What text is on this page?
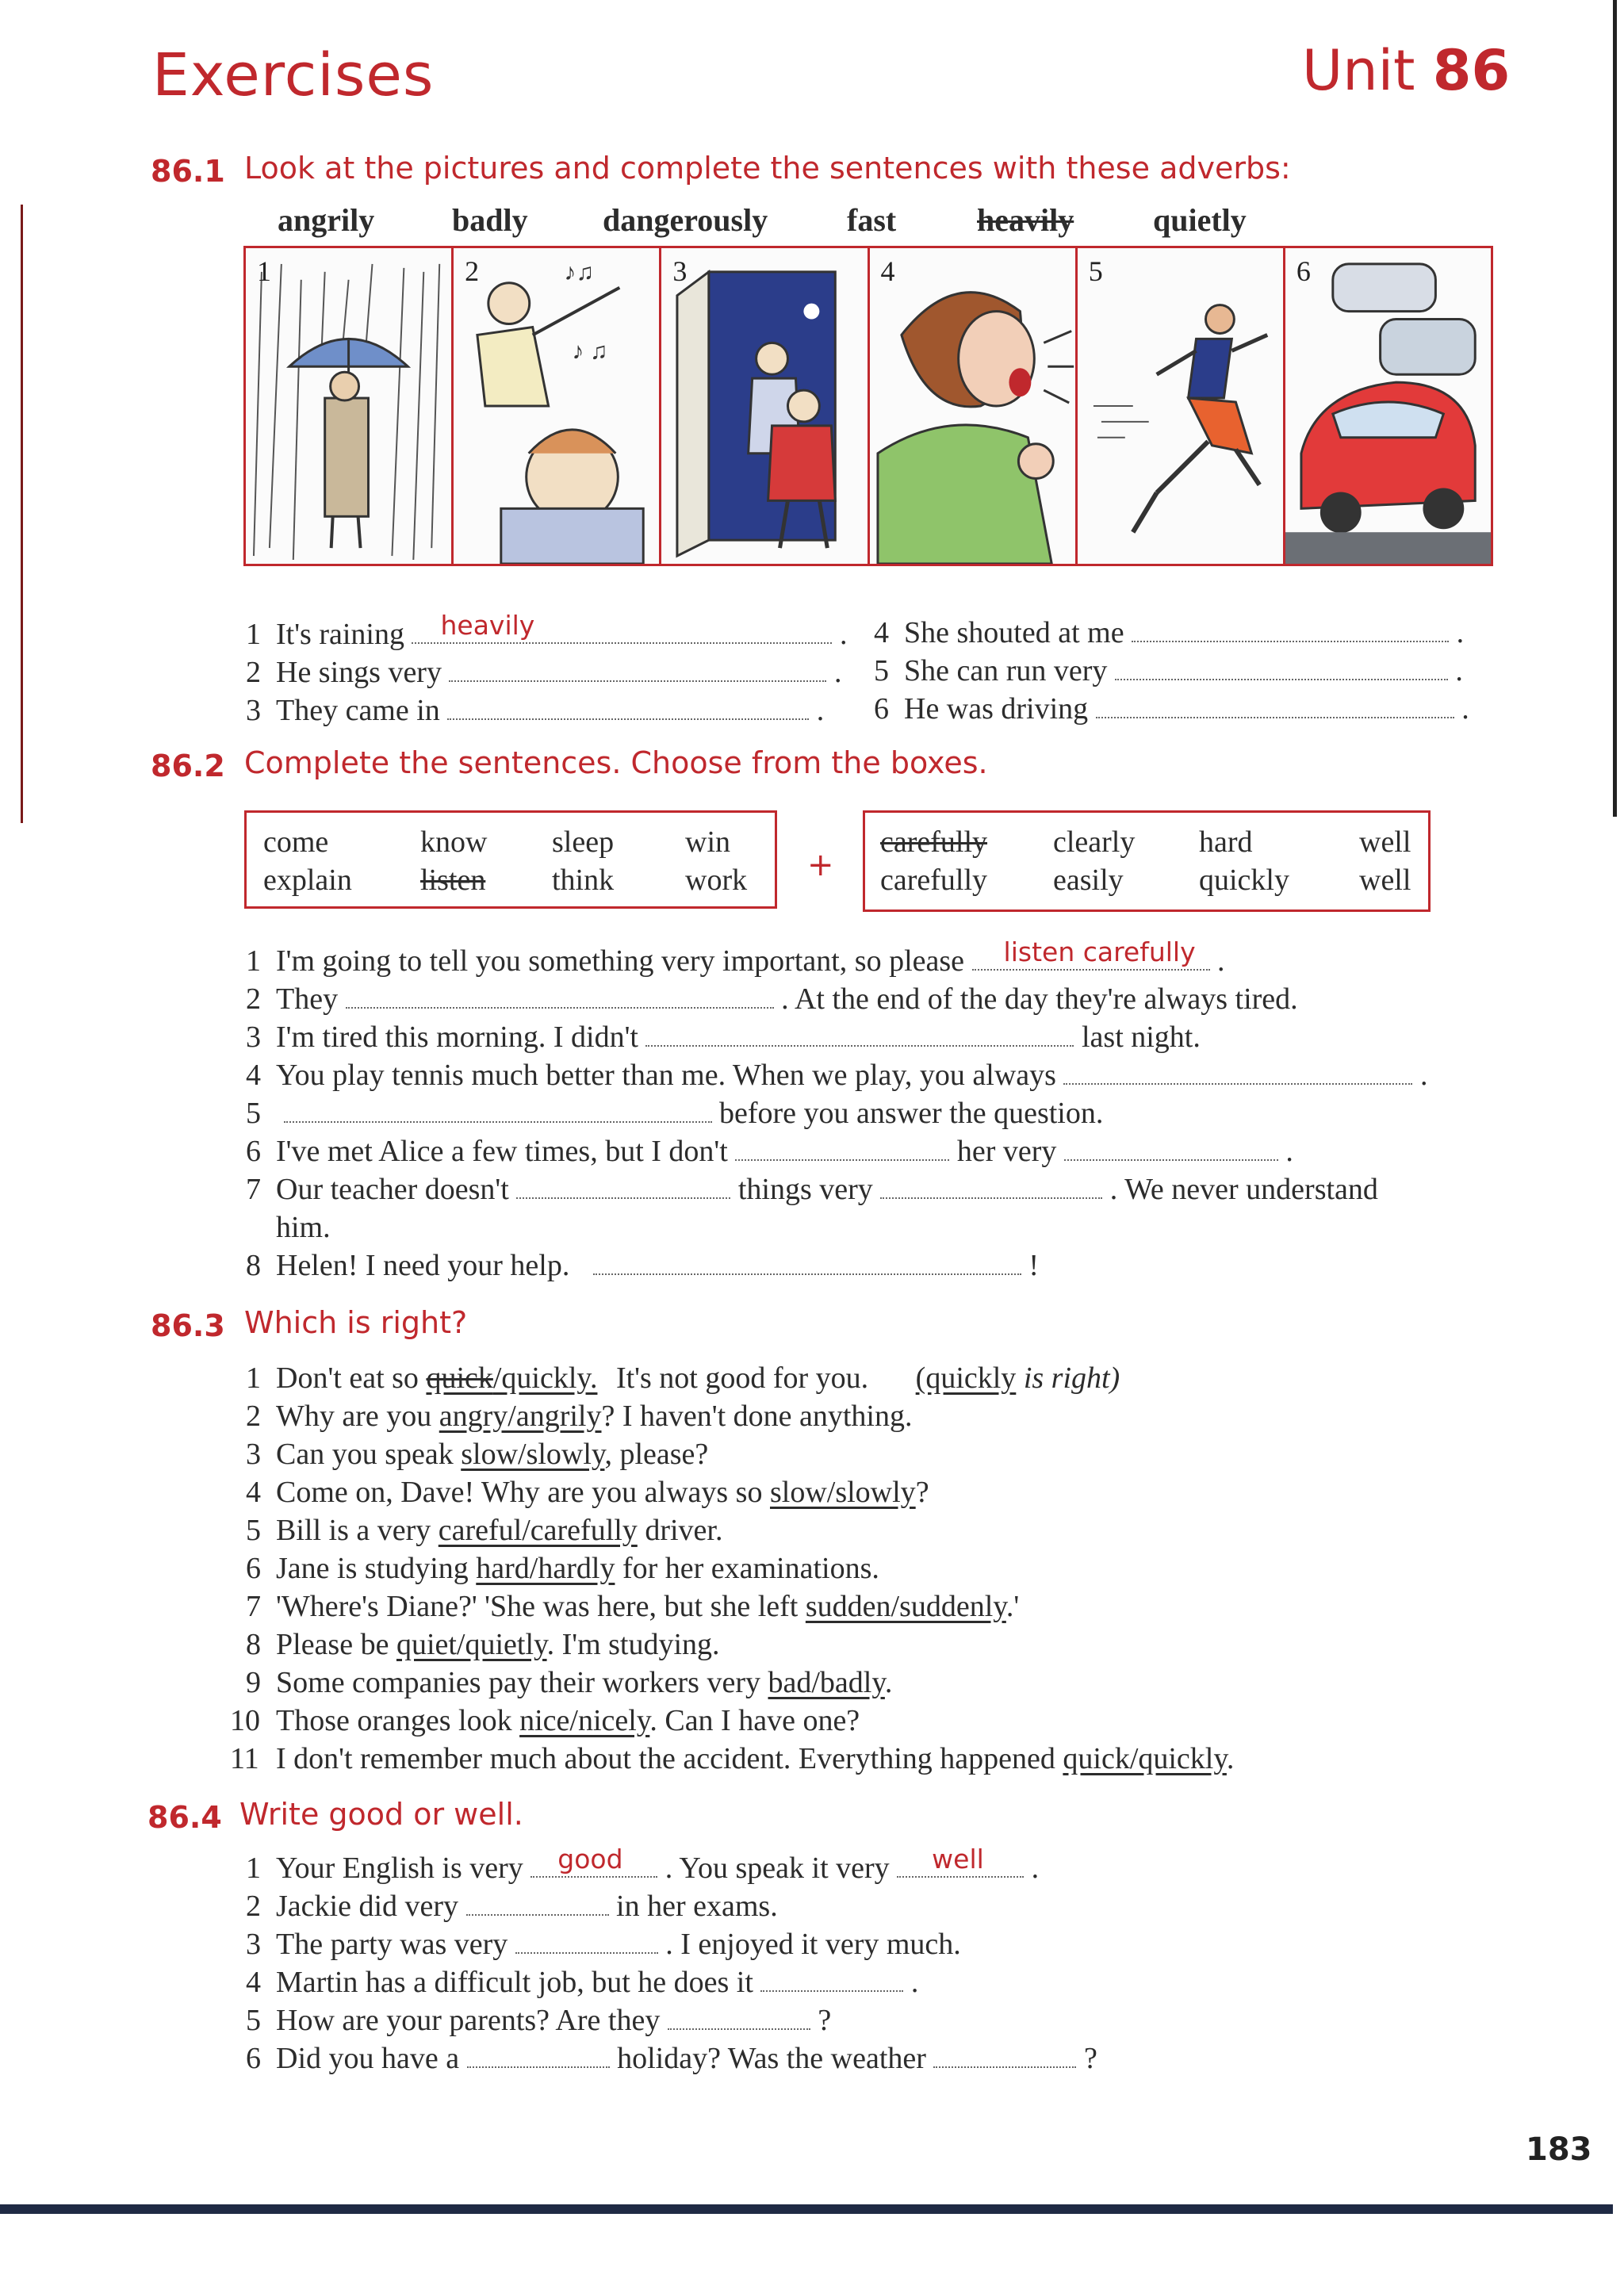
Exercises	Unit 86
86.1 Look at the pictures and complete the sentences with these adverbs:
angrily badly dangerously fast	heavily quietly
1	2	♪♫
♪ ♫
3	4	5	6
1 It's raining heavily	.
2 He sings very	.
3 They came in	.
4 She shouted at me	.
5 She can run very	.
6 He was driving	.
86.2 Complete the sentences. Choose from the boxes.
come	know sleep win
explain listen think work +
carefully clearly hard	well
carefully easily	quickly well
1 I'm going to tell you something very important, so please listen carefully .
2 They	. At the end of the day they're always tired.
3 I'm tired this morning. I didn't	last night.
4 You play tennis much better than me. When we play, you always	.
5	before you answer the question.
6 I've met Alice a few times, but I don't	her very	.
7 Our teacher doesn't	things very	. We never understand
him.
8 Helen! I need your help.	!
86.3 Which is right?
1 Don't eat so quick/quickly. It's not good for you. (quickly is right)
2 Why are you angry/angrily? I haven't done anything.
3 Can you speak slow/slowly, please?
4 Come on, Dave! Why are you always so slow/slowly?
5 Bill is a very careful/carefully driver.
6 Jane is studying hard/hardly for her examinations.
7 'Where's Diane?' 'She was here, but she left sudden/suddenly.'
8 Please be quiet/quietly. I'm studying.
9 Some companies pay their workers very bad/badly.
10 Those oranges look nice/nicely. Can I have one?
11 I don't remember much about the accident. Everything happened quick/quickly.
86.4 Write good or well.
1 Your English is very good . You speak it very well .
2 Jackie did very	in her exams.
3 The party was very	. I enjoyed it very much.
4 Martin has a difficult job, but he does it	.
5 How are your parents? Are they	?
6 Did you have a	holiday? Was the weather	?
183
